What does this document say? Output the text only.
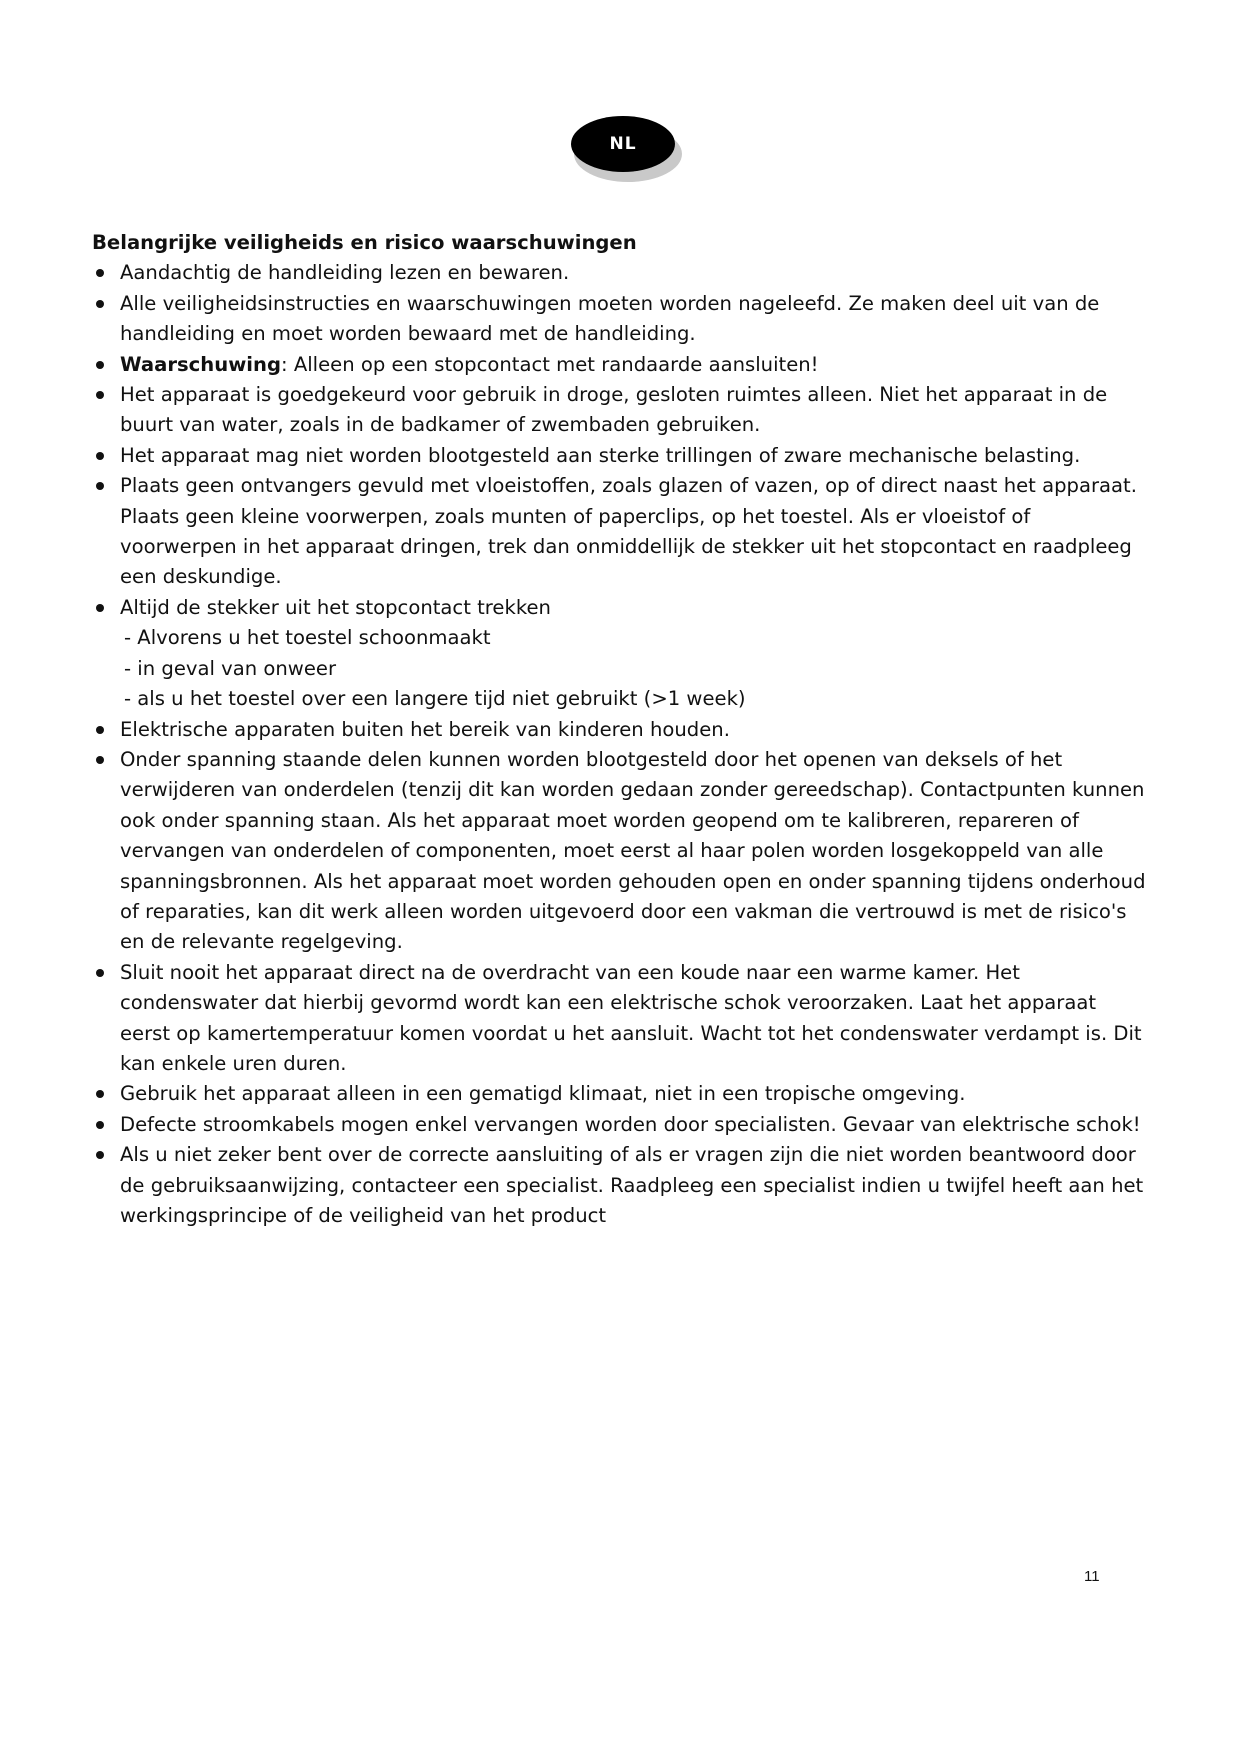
NL
Belangrijke veiligheids en risico waarschuwingen
Aandachtig de handleiding lezen en bewaren.
Alle veiligheidsinstructies en waarschuwingen moeten worden nageleefd. Ze maken deel uit van de handleiding en moet worden bewaard met de handleiding.
Waarschuwing: Alleen op een stopcontact met randaarde aansluiten!
Het apparaat is goedgekeurd voor gebruik in droge, gesloten ruimtes alleen. Niet het apparaat in de buurt van water, zoals in de badkamer of zwembaden gebruiken.
Het apparaat mag niet worden blootgesteld aan sterke trillingen of zware mechanische belasting.
Plaats geen ontvangers gevuld met vloeistoffen, zoals glazen of vazen, op of direct naast het apparaat. Plaats geen kleine voorwerpen, zoals munten of paperclips, op het toestel. Als er vloeistof of voorwerpen in het apparaat dringen, trek dan onmiddellijk de stekker uit het stopcontact en raadpleeg een deskundige.
Altijd de stekker uit het stopcontact trekken
- Alvorens u het toestel schoonmaakt
- in geval van onweer
- als u het toestel over een langere tijd niet gebruikt (>1 week)
Elektrische apparaten buiten het bereik van kinderen houden.
Onder spanning staande delen kunnen worden blootgesteld door het openen van deksels of het verwijderen van onderdelen (tenzij dit kan worden gedaan zonder gereedschap). Contactpunten kunnen ook onder spanning staan. Als het apparaat moet worden geopend om te kalibreren, repareren of vervangen van onderdelen of componenten, moet eerst al haar polen worden losgekoppeld van alle spanningsbronnen. Als het apparaat moet worden gehouden open en onder spanning tijdens onderhoud of reparaties, kan dit werk alleen worden uitgevoerd door een vakman die vertrouwd is met de risico's en de relevante regelgeving.
Sluit nooit het apparaat direct na de overdracht van een koude naar een warme kamer. Het condenswater dat hierbij gevormd wordt kan een elektrische schok veroorzaken. Laat het apparaat eerst op kamertemperatuur komen voordat u het aansluit. Wacht tot het condenswater verdampt is. Dit kan enkele uren duren.
Gebruik het apparaat alleen in een gematigd klimaat, niet in een tropische omgeving.
Defecte stroomkabels mogen enkel vervangen worden door specialisten. Gevaar van elektrische schok!
Als u niet zeker bent over de correcte aansluiting of als er vragen zijn die niet worden beantwoord door de gebruiksaanwijzing, contacteer een specialist. Raadpleeg een specialist indien u twijfel heeft aan het werkingsprincipe of de veiligheid van het product
11
